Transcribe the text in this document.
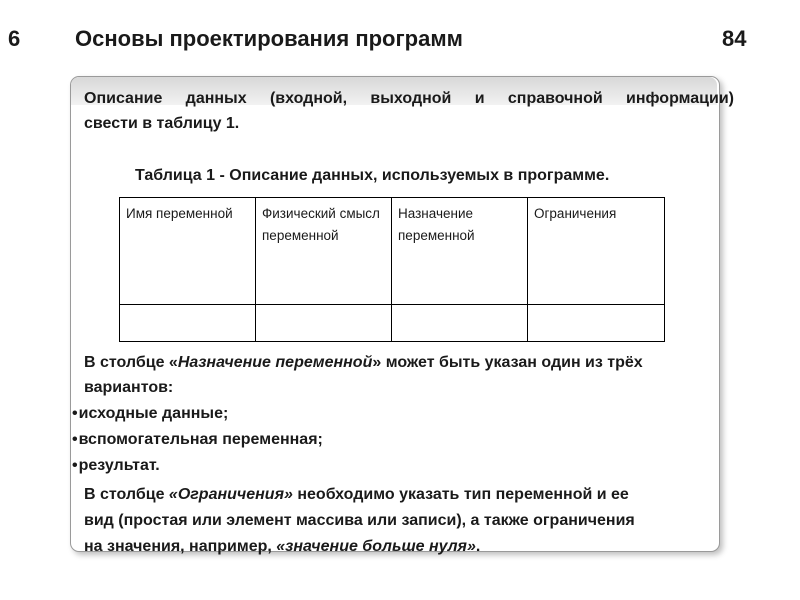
6 Основы проектирования программ	84

Описание данных (входной, выходной и справочной информации)
свести в таблицу 1.

Таблица 1 - Описание данных, используемых в программе.

Имя переменной	Физический смысл переменной	Назначение переменной	Ограничения

В столбце «Назначение переменной» может быть указан один из трёх вариантов:

•исходные данные;
•вспомогательная переменная;
•результат.

В столбце «Ограничения» необходимо указать тип переменной и ее
вид (простая или элемент массива или записи), а также ограничения
на значения, например, «значение больше нуля».
